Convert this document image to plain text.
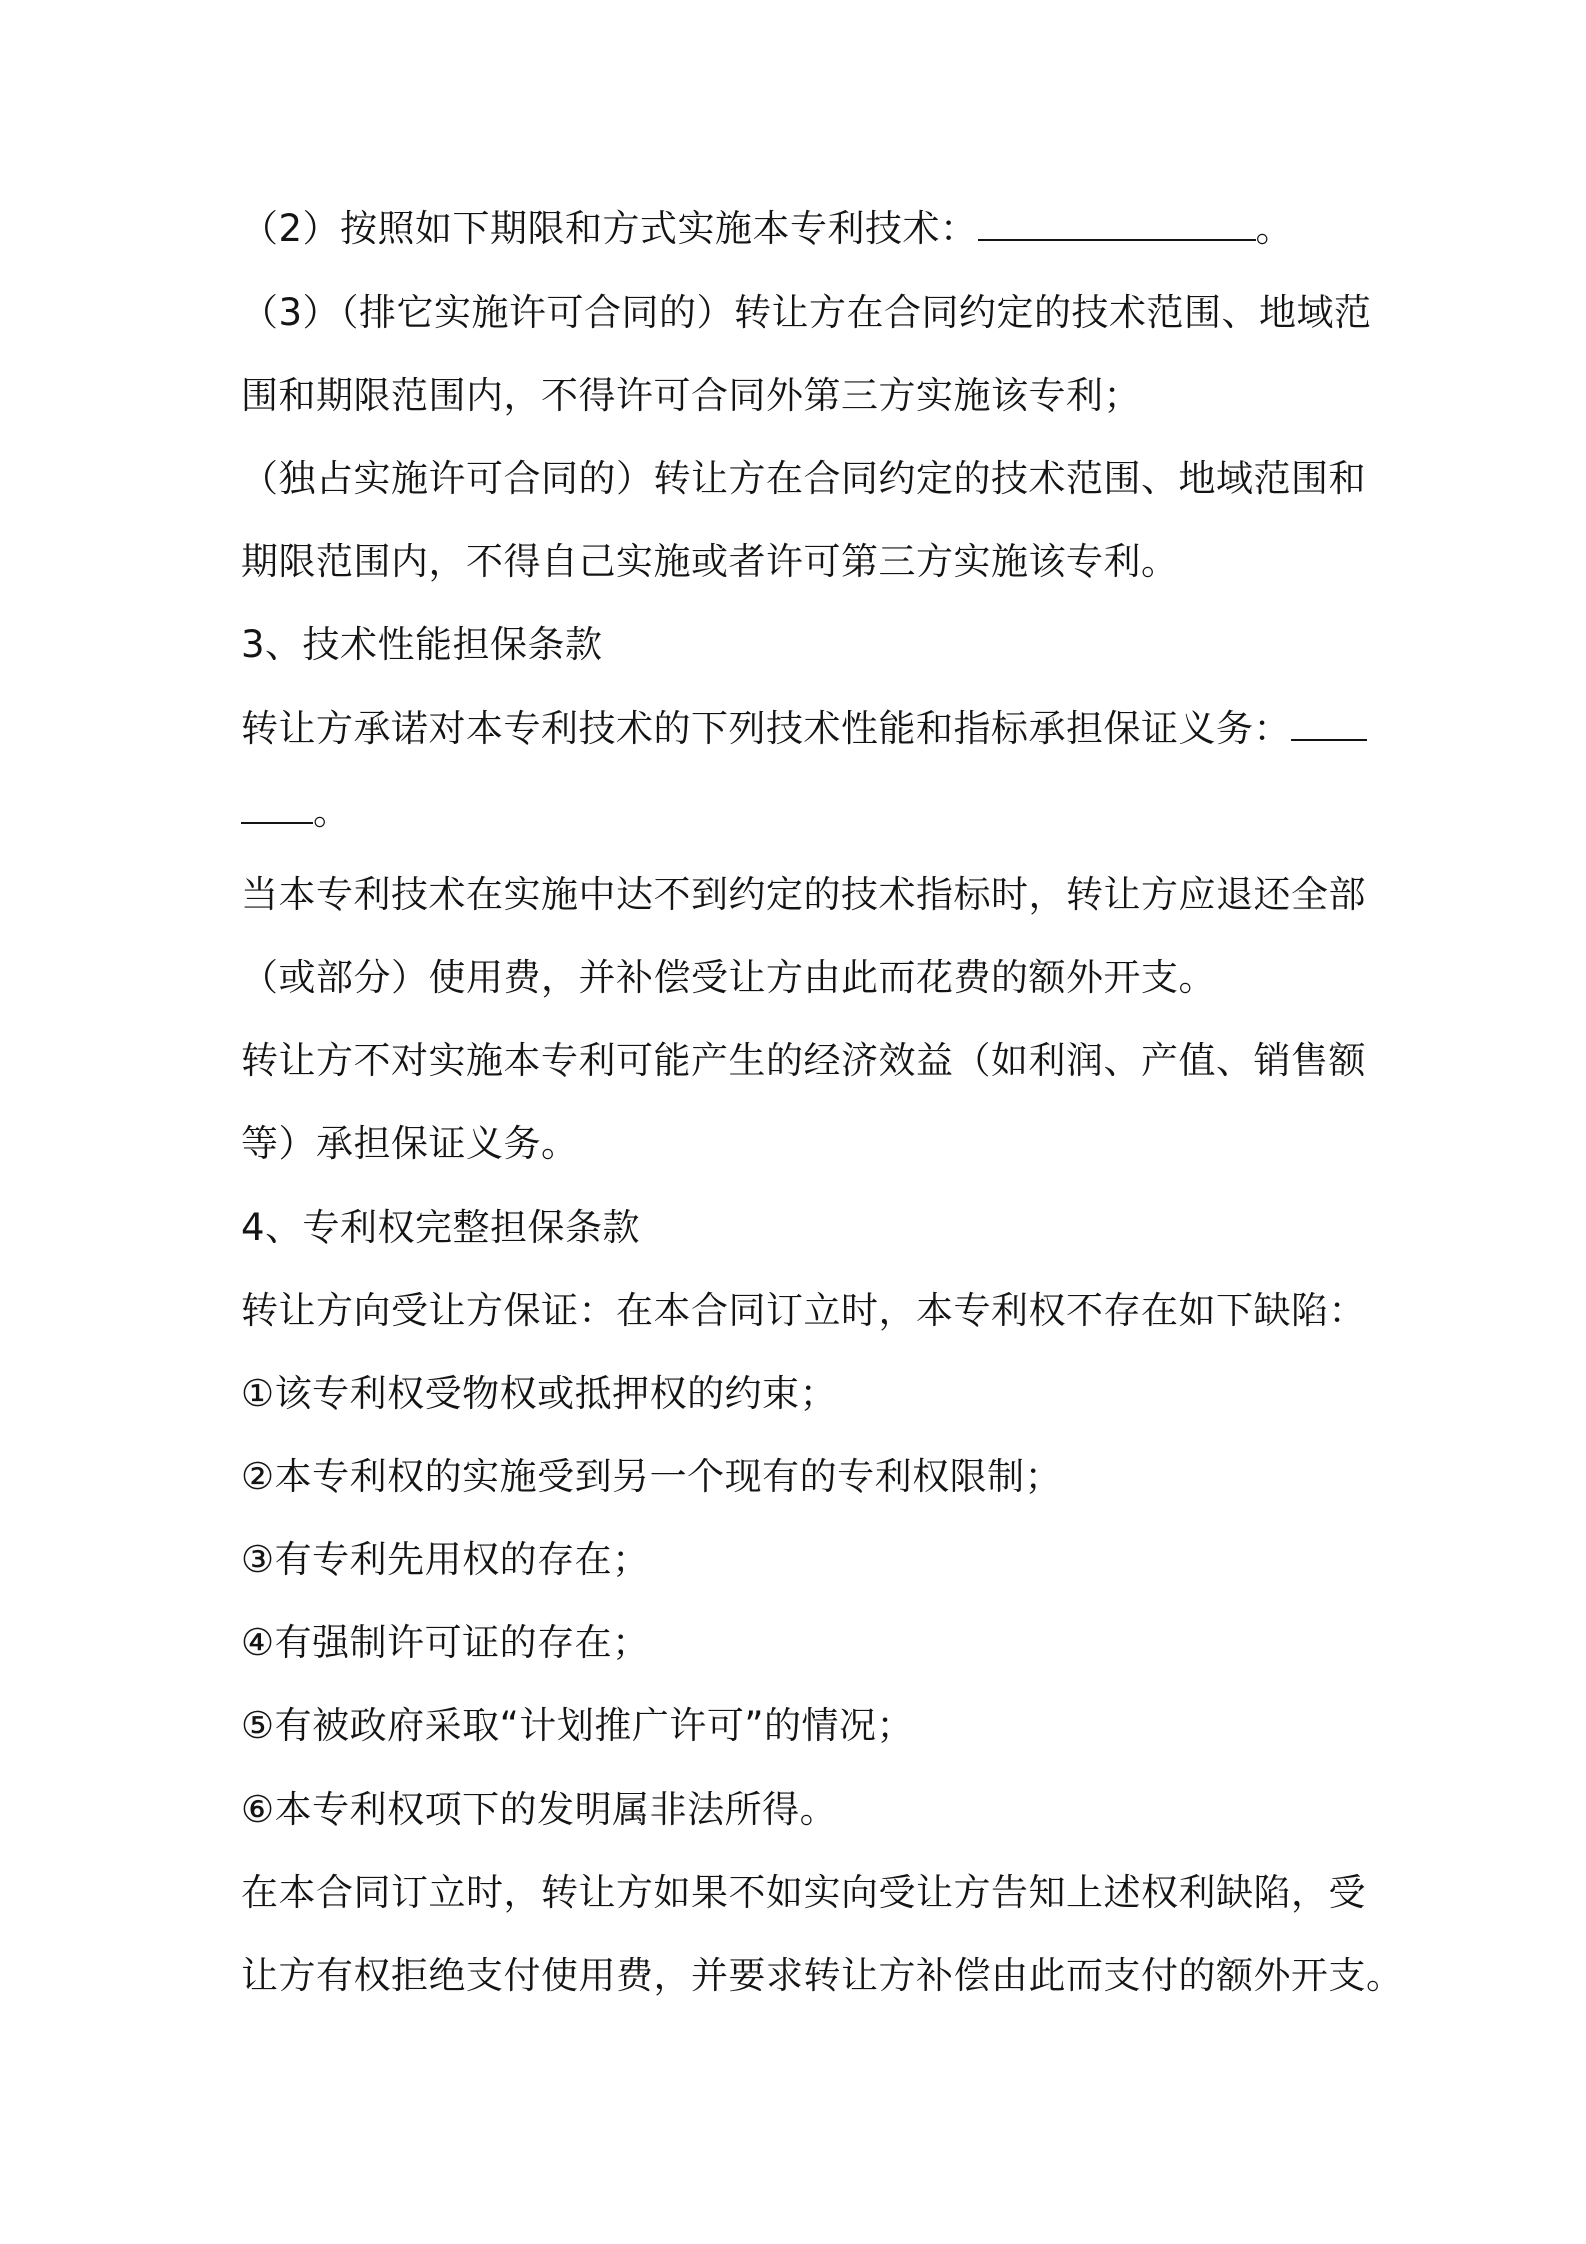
（2）按照如下期限和方式实施本专利技术：	。
（3）（排它实施许可合同的）转让方在合同约定的技术范围、地域范
围和期限范围内，不得许可合同外第三方实施该专利；
（独占实施许可合同的）转让方在合同约定的技术范围、地域范围和
期限范围内，不得自己实施或者许可第三方实施该专利。
3、技术性能担保条款
转让方承诺对本专利技术的下列技术性能和指标承担保证义务：
。
当本专利技术在实施中达不到约定的技术指标时，转让方应退还全部
（或部分）使用费，并补偿受让方由此而花费的额外开支。
转让方不对实施本专利可能产生的经济效益（如利润、产值、销售额
等）承担保证义务。
4、专利权完整担保条款
转让方向受让方保证：在本合同订立时，本专利权不存在如下缺陷：
①该专利权受物权或抵押权的约束；
②本专利权的实施受到另一个现有的专利权限制；
③有专利先用权的存在；
④有强制许可证的存在；
⑤有被政府采取“计划推广许可”的情况；
⑥本专利权项下的发明属非法所得。
在本合同订立时，转让方如果不如实向受让方告知上述权利缺陷，受
让方有权拒绝支付使用费，并要求转让方补偿由此而支付的额外开支。
